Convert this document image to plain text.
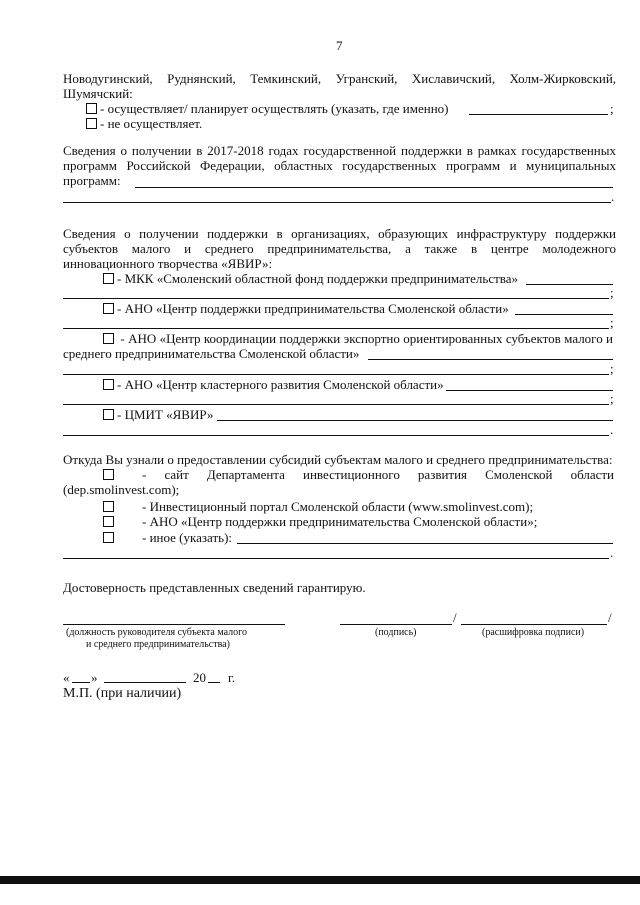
7
Новодугинский, Руднянский, Темкинский, Угранский, Хиславичский, Холм-Жирковский,
Шумячский:
- осуществляет/ планирует осуществлять (указать, где именно)	;
- не осуществляет.
Сведения о получении в 2017-2018 годах государственной поддержки в рамках государственных
программ Российской Федерации, областных государственных программ и муниципальных
программ:
.
Сведения о получении поддержки в организациях, образующих инфраструктуру поддержки
субъектов малого и среднего предпринимательства, а также в центре молодежного
инновационного творчества «ЯВИР»:
- МКК «Смоленский областной фонд поддержки предпринимательства»
;
- АНО «Центр поддержки предпринимательства Смоленской области»
;
- АНО «Центр координации поддержки экспортно ориентированных субъектов малого и
среднего предпринимательства Смоленской области»
;
- АНО «Центр кластерного развития Смоленской области»
;
- ЦМИТ «ЯВИР»
.
Откуда Вы узнали о предоставлении субсидий субъектам малого и среднего предпринимательства:
- сайт Департамента инвестиционного развития Смоленской области
(dep.smolinvest.com);
- Инвестиционный портал Смоленской области (www.smolinvest.com);
- АНО «Центр поддержки предпринимательства Смоленской области»;
- иное (указать):
.
Достоверность представленных сведений гарантирую.
/	/
(должность руководителя субъекта малого
и среднего предпринимательства)
(подпись)	(расшифровка подписи)
« »	20 г.
М.П. (при наличии)
